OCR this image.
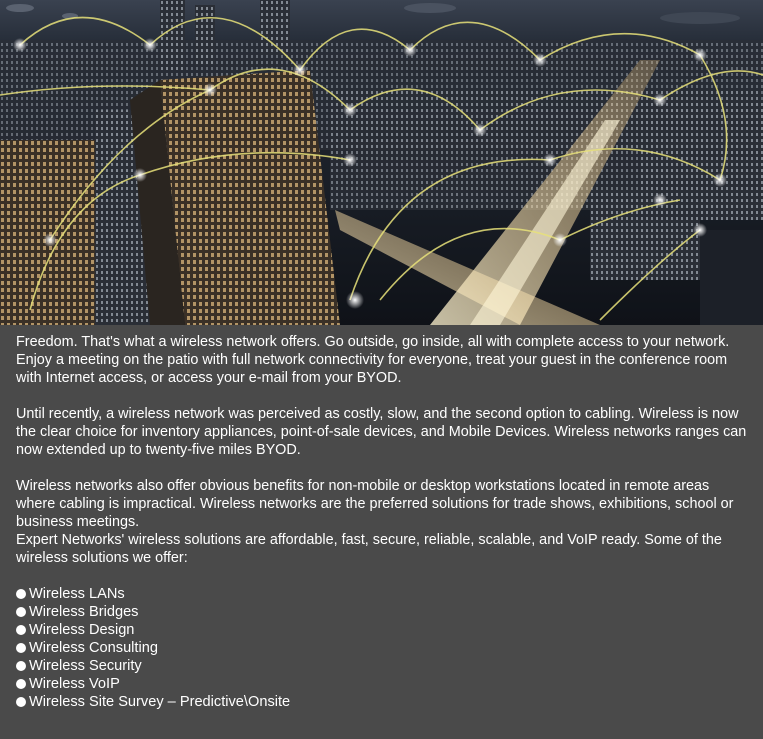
Freedom. That's what a wireless network offers. Go outside, go inside, all with complete access to your network. Enjoy a meeting on the patio with full network connectivity for everyone, treat your guest in the conference room with Internet access, or access your e-mail from your BYOD.

Until recently, a wireless network was perceived as costly, slow, and the second option to cabling. Wireless is now the clear choice for inventory appliances, point-of-sale devices, and Mobile Devices. Wireless networks ranges can now extended up to twenty-five miles BYOD.

Wireless networks also offer obvious benefits for non-mobile or desktop workstations located in remote areas where cabling is impractical. Wireless networks are the preferred solutions for trade shows, exhibitions, school or business meetings.

Expert Networks' wireless solutions are affordable, fast, secure, reliable, scalable, and VoIP ready. Some of the wireless solutions we offer:

Wireless LANs
Wireless Bridges
Wireless Design
Wireless Consulting
Wireless Security
Wireless VoIP
Wireless Site Survey – Predictive\Onsite
